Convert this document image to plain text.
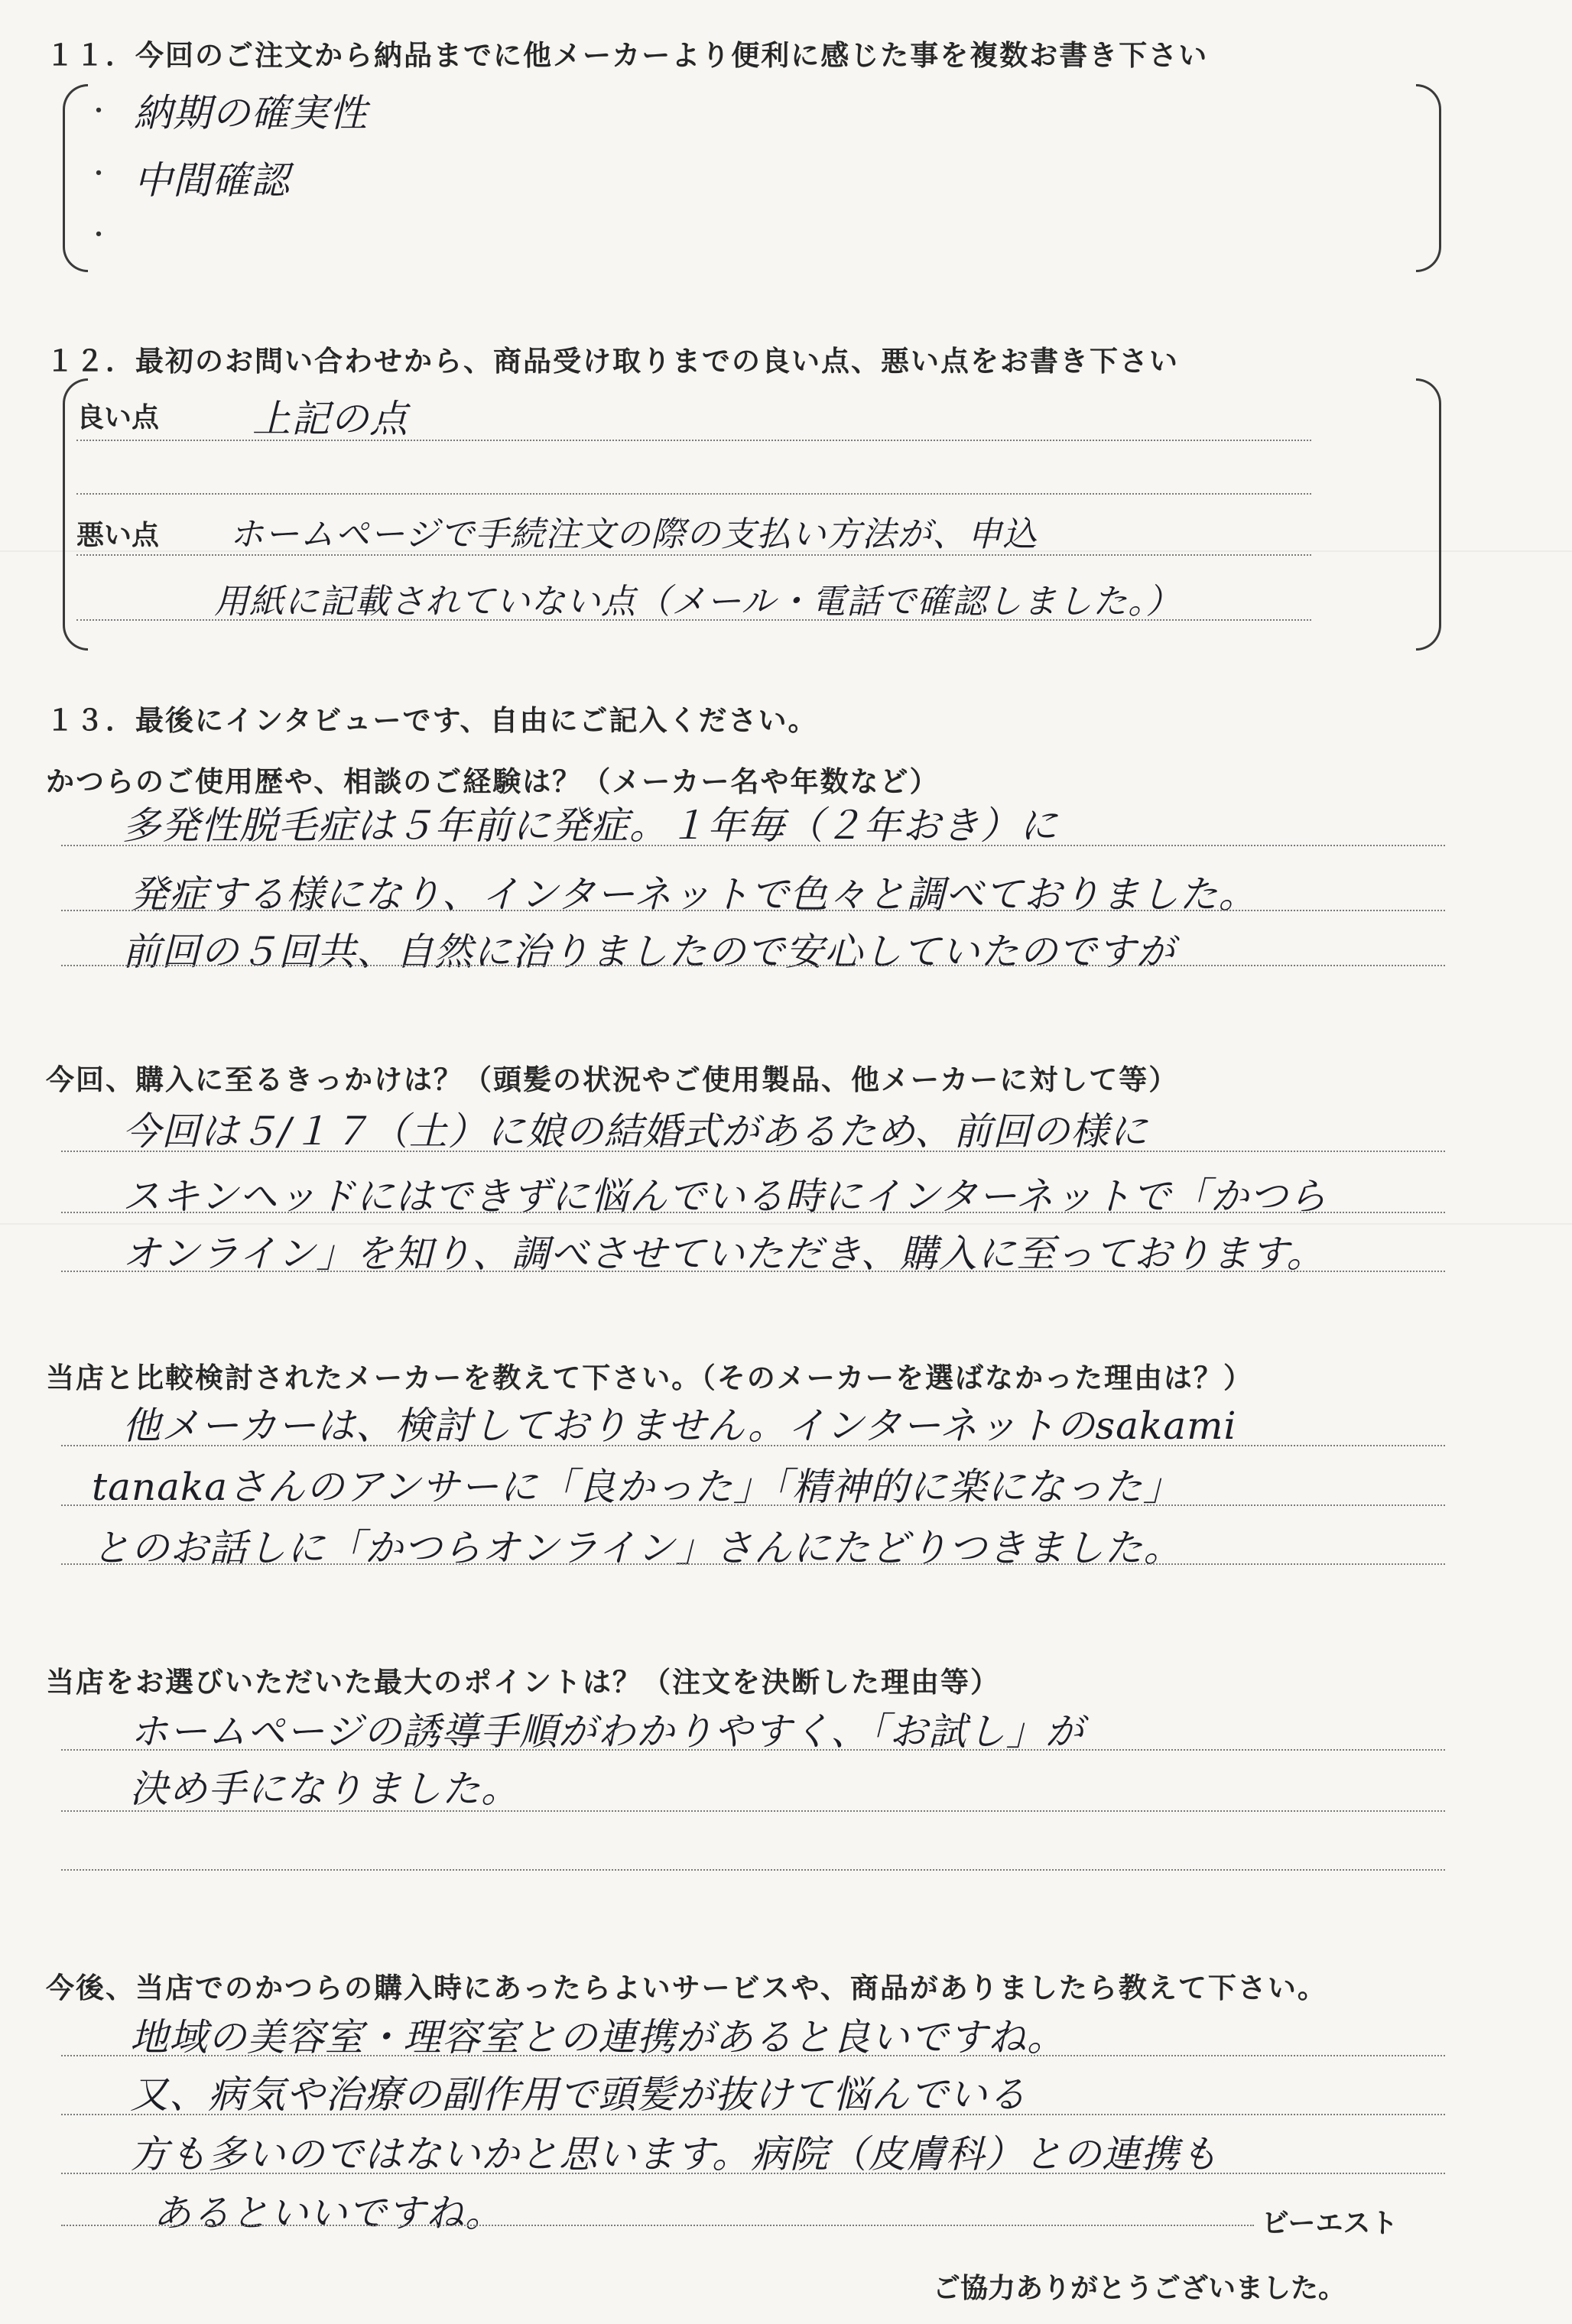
１１．今回のご注文から納品までに他メーカーより便利に感じた事を複数お書き下さい
・
・
・
納期の確実性
中間確認
１２．最初のお問い合わせから、商品受け取りまでの良い点、悪い点をお書き下さい
良い点 上記の点
悪い点 ホームページで手続注文の際の支払い方法が、申込
用紙に記載されていない点（メール・電話で確認しました。）
１３．最後にインタビューです、自由にご記入ください。
かつらのご使用歴や、相談のご経験は？（メーカー名や年数など）
多発性脱毛症は５年前に発症。１年毎（２年おき）に
発症する様になり、インターネットで色々と調べておりました。
前回の５回共、自然に治りましたので安心していたのですが
今回、購入に至るきっかけは？（頭髪の状況やご使用製品、他メーカーに対して等）
今回は５/１７（土）に娘の結婚式があるため、前回の様に
スキンヘッドにはできずに悩んでいる時にインターネットで「かつら
オンライン」を知り、調べさせていただき、購入に至っております。
当店と比較検討されたメーカーを教えて下さい。（そのメーカーを選ばなかった理由は？）
他メーカーは、検討しておりません。インターネットのsakami
tanakaさんのアンサーに「良かった」「精神的に楽になった」
とのお話しに「かつらオンライン」さんにたどりつきました。
当店をお選びいただいた最大のポイントは？（注文を決断した理由等）
ホームページの誘導手順がわかりやすく、「お試し」が
決め手になりました。
今後、当店でのかつらの購入時にあったらよいサービスや、商品がありましたら教えて下さい。
地域の美容室・理容室との連携があると良いですね。
又、病気や治療の副作用で頭髪が抜けて悩んでいる
方も多いのではないかと思います。病院（皮膚科）との連携も
あるといいですね。	ビーエスト
ご協力ありがとうございました。
